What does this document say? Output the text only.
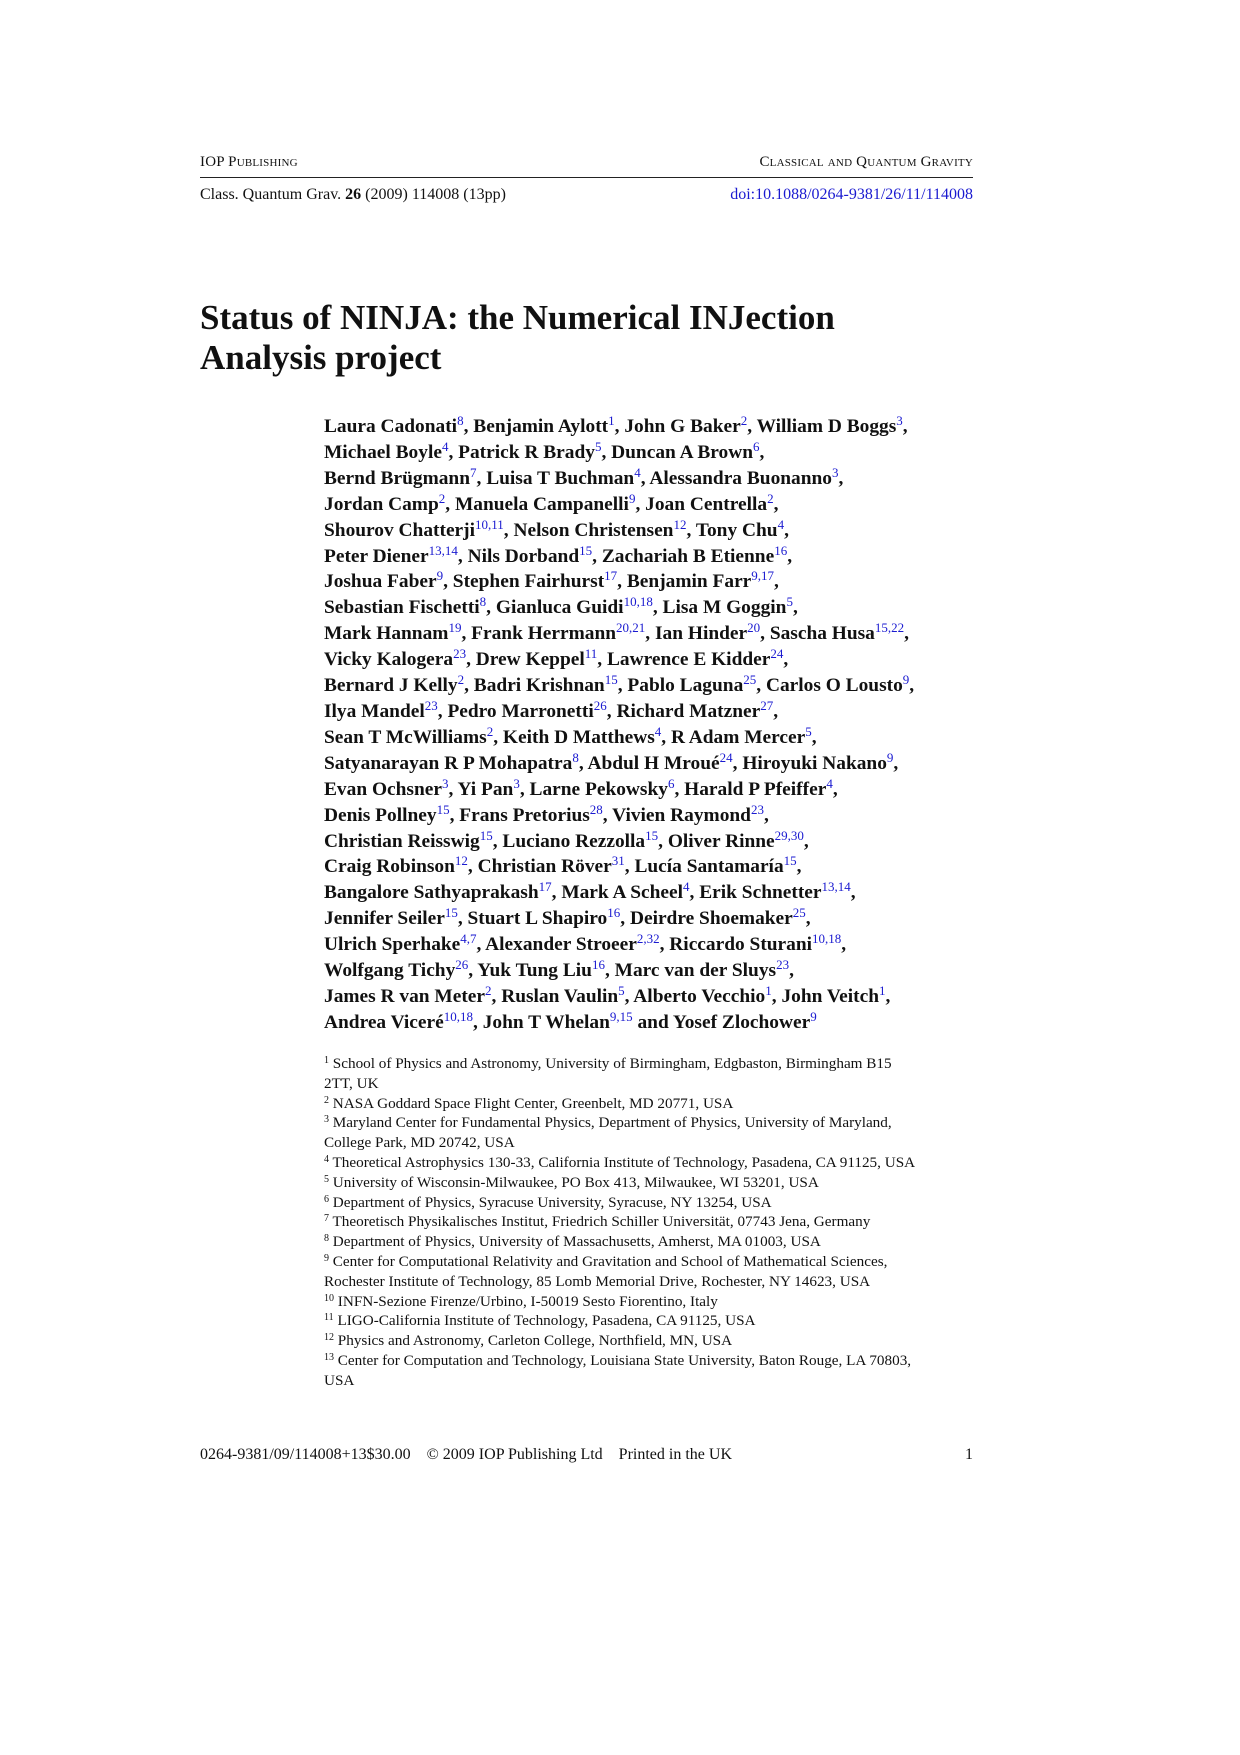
IOP Publishing	Classical and Quantum Gravity
Class. Quantum Grav. 26 (2009) 114008 (13pp)	doi:10.1088/0264-9381/26/11/114008
Status of NINJA: the Numerical INJection Analysis project
Laura Cadonati$^8$, Benjamin Aylott$^1$, John G Baker$^2$, William D Boggs$^3$,
Michael Boyle$^4$, Patrick R Brady$^5$, Duncan A Brown$^6$,
Bernd Brügmann$^7$, Luisa T Buchman$^4$, Alessandra Buonanno$^3$,
Jordan Camp$^2$, Manuela Campanelli$^9$, Joan Centrella$^2$,
Shourov Chatterji$^{10,11}$, Nelson Christensen$^{12}$, Tony Chu$^4$,
Peter Diener$^{13,14}$, Nils Dorband$^{15}$, Zachariah B Etienne$^{16}$,
Joshua Faber$^9$, Stephen Fairhurst$^{17}$, Benjamin Farr$^{9,17}$,
Sebastian Fischetti$^8$, Gianluca Guidi$^{10,18}$, Lisa M Goggin$^5$,
Mark Hannam$^{19}$, Frank Herrmann$^{20,21}$, Ian Hinder$^{20}$, Sascha Husa$^{15,22}$,
Vicky Kalogera$^{23}$, Drew Keppel$^{11}$, Lawrence E Kidder$^{24}$,
Bernard J Kelly$^2$, Badri Krishnan$^{15}$, Pablo Laguna$^{25}$, Carlos O Lousto$^9$,
Ilya Mandel$^{23}$, Pedro Marronetti$^{26}$, Richard Matzner$^{27}$,
Sean T McWilliams$^2$, Keith D Matthews$^4$, R Adam Mercer$^5$,
Satyanarayan R P Mohapatra$^8$, Abdul H Mroué$^{24}$, Hiroyuki Nakano$^9$,
Evan Ochsner$^3$, Yi Pan$^3$, Larne Pekowsky$^6$, Harald P Pfeiffer$^4$,
Denis Pollney$^{15}$, Frans Pretorius$^{28}$, Vivien Raymond$^{23}$,
Christian Reisswig$^{15}$, Luciano Rezzolla$^{15}$, Oliver Rinne$^{29,30}$,
Craig Robinson$^{12}$, Christian Röver$^{31}$, Lucía Santamaría$^{15}$,
Bangalore Sathyaprakash$^{17}$, Mark A Scheel$^4$, Erik Schnetter$^{13,14}$,
Jennifer Seiler$^{15}$, Stuart L Shapiro$^{16}$, Deirdre Shoemaker$^{25}$,
Ulrich Sperhake$^{4,7}$, Alexander Stroeer$^{2,32}$, Riccardo Sturani$^{10,18}$,
Wolfgang Tichy$^{26}$, Yuk Tung Liu$^{16}$, Marc van der Sluys$^{23}$,
James R van Meter$^2$, Ruslan Vaulin$^5$, Alberto Vecchio$^1$, John Veitch$^1$,
Andrea Viceré$^{10,18}$, John T Whelan$^{9,15}$ and Yosef Zlochower$^9$
$^1$ School of Physics and Astronomy, University of Birmingham, Edgbaston, Birmingham B15
2TT, UK
$^2$ NASA Goddard Space Flight Center, Greenbelt, MD 20771, USA
$^3$ Maryland Center for Fundamental Physics, Department of Physics, University of Maryland,
College Park, MD 20742, USA
$^4$ Theoretical Astrophysics 130-33, California Institute of Technology, Pasadena, CA 91125, USA
$^5$ University of Wisconsin-Milwaukee, PO Box 413, Milwaukee, WI 53201, USA
$^6$ Department of Physics, Syracuse University, Syracuse, NY 13254, USA
$^7$ Theoretisch Physikalisches Institut, Friedrich Schiller Universität, 07743 Jena, Germany
$^8$ Department of Physics, University of Massachusetts, Amherst, MA 01003, USA
$^9$ Center for Computational Relativity and Gravitation and School of Mathematical Sciences,
Rochester Institute of Technology, 85 Lomb Memorial Drive, Rochester, NY 14623, USA
$^{10}$ INFN-Sezione Firenze/Urbino, I-50019 Sesto Fiorentino, Italy
$^{11}$ LIGO-California Institute of Technology, Pasadena, CA 91125, USA
$^{12}$ Physics and Astronomy, Carleton College, Northfield, MN, USA
$^{13}$ Center for Computation and Technology, Louisiana State University, Baton Rouge, LA 70803,
USA
0264-9381/09/114008+13$30.00    © 2009 IOP Publishing Ltd    Printed in the UK	1
